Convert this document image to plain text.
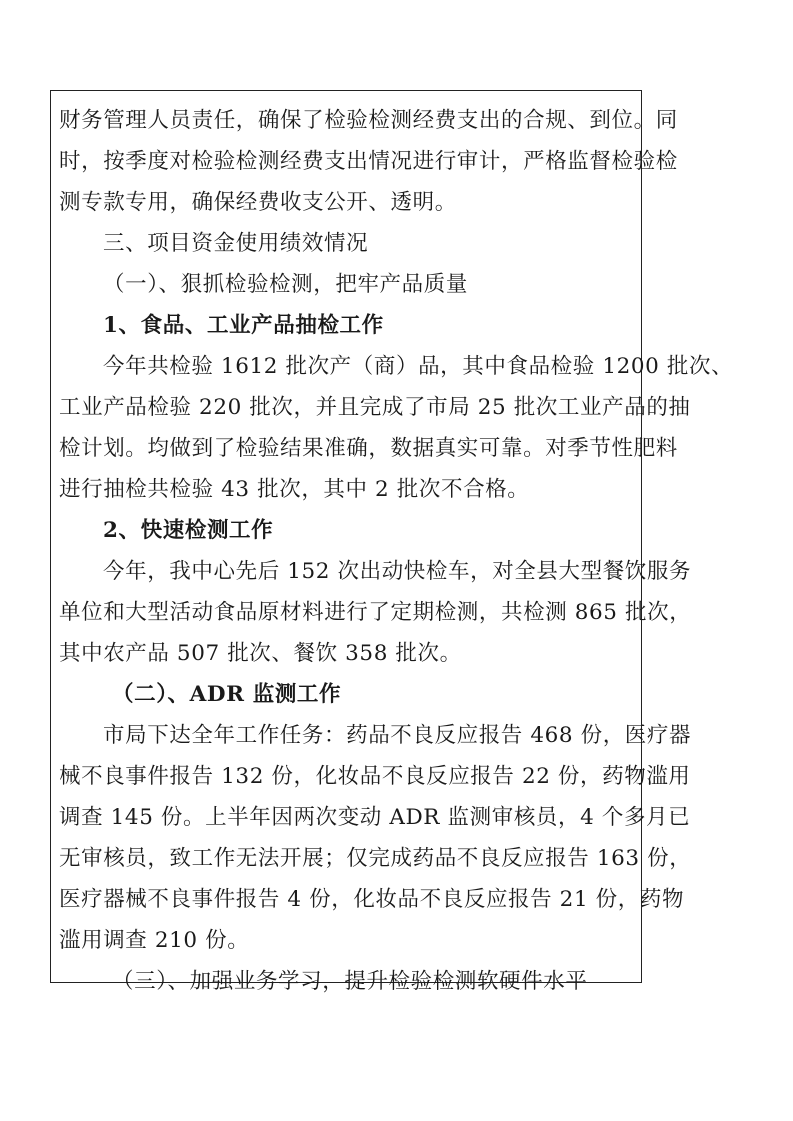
财务管理人员责任，确保了检验检测经费支出的合规、到位。同
时，按季度对检验检测经费支出情况进行审计，严格监督检验检
测专款专用，确保经费收支公开、透明。
三、项目资金使用绩效情况
（一）、狠抓检验检测，把牢产品质量
1、食品、工业产品抽检工作
今年共检验 1612 批次产（商）品，其中食品检验 1200 批次、
工业产品检验 220 批次，并且完成了市局 25 批次工业产品的抽
检计划。均做到了检验结果准确，数据真实可靠。对季节性肥料
进行抽检共检验 43 批次，其中 2 批次不合格。
2、快速检测工作
今年，我中心先后 152 次出动快检车，对全县大型餐饮服务
单位和大型活动食品原材料进行了定期检测，共检测 865 批次，
其中农产品 507 批次、餐饮 358 批次。
（二）、ADR 监测工作
市局下达全年工作任务：药品不良反应报告 468 份，医疗器
械不良事件报告 132 份，化妆品不良反应报告 22 份，药物滥用
调查 145 份。上半年因两次变动 ADR 监测审核员，4 个多月已
无审核员，致工作无法开展；仅完成药品不良反应报告 163 份，
医疗器械不良事件报告 4 份，化妆品不良反应报告 21 份，药物
滥用调查 210 份。
（三）、加强业务学习，提升检验检测软硬件水平
